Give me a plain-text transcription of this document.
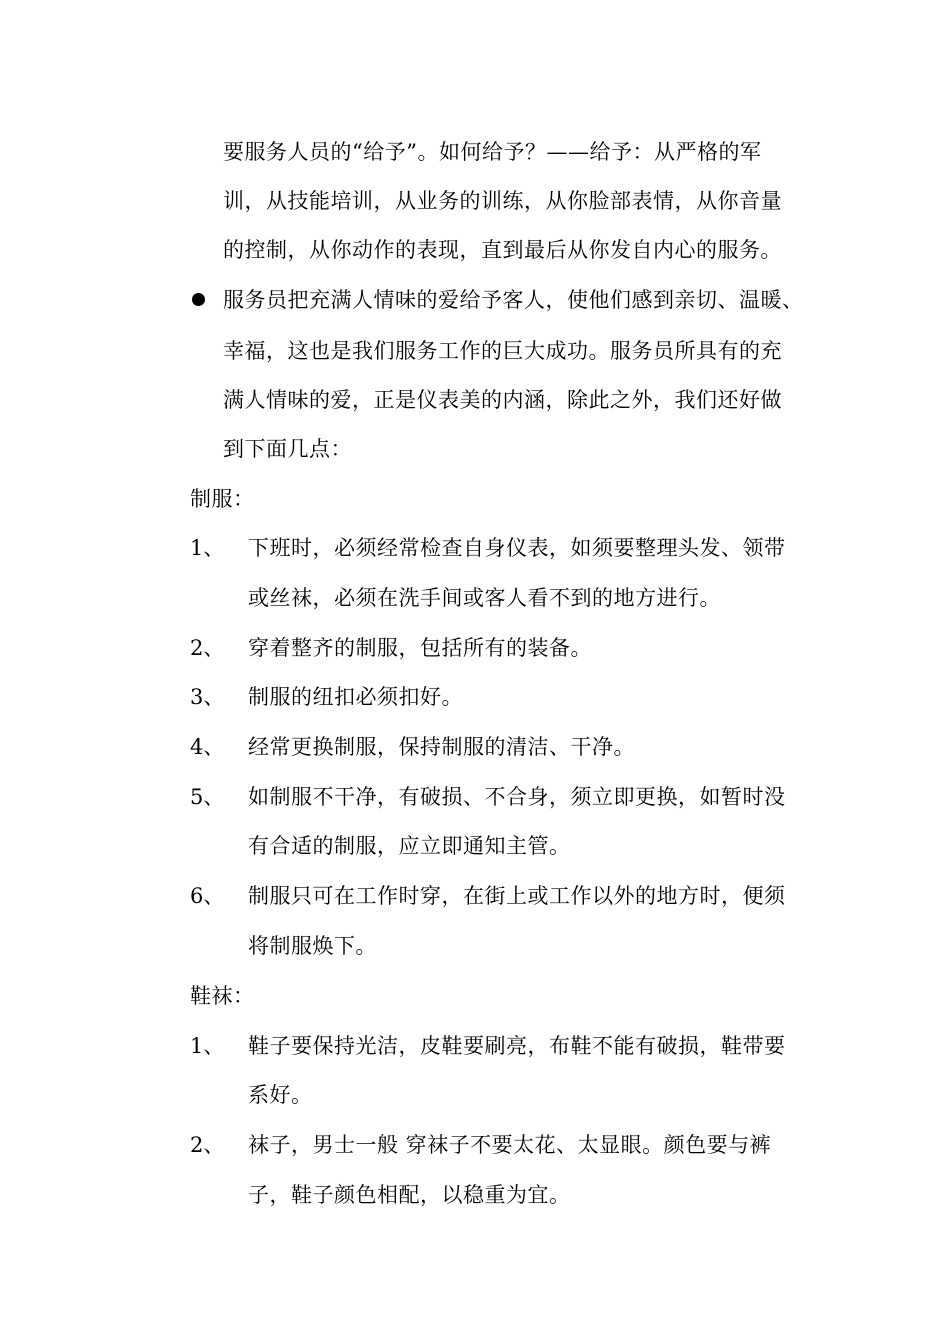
要服务人员的“给予”。如何给予？——给予：从严格的军
训，从技能培训，从业务的训练，从你脸部表情，从你音量
的控制，从你动作的表现，直到最后从你发自内心的服务。
服务员把充满人情味的爱给予客人，使他们感到亲切、温暖、
幸福，这也是我们服务工作的巨大成功。服务员所具有的充
满人情味的爱，正是仪表美的内涵，除此之外，我们还好做
到下面几点：
制服：
1、 下班时，必须经常检查自身仪表，如须要整理头发、领带
或丝袜，必须在洗手间或客人看不到的地方进行。
2、 穿着整齐的制服，包括所有的装备。
3、 制服的纽扣必须扣好。
4、 经常更换制服，保持制服的清洁、干净。
5、 如制服不干净，有破损、不合身，须立即更换，如暂时没
有合适的制服，应立即通知主管。
6、 制服只可在工作时穿，在街上或工作以外的地方时，便须
将制服焕下。
鞋袜：
1、 鞋子要保持光洁，皮鞋要刷亮，布鞋不能有破损，鞋带要
系好。
2、 袜子，男士一般 穿袜子不要太花、太显眼。颜色要与裤
子，鞋子颜色相配，以稳重为宜。
